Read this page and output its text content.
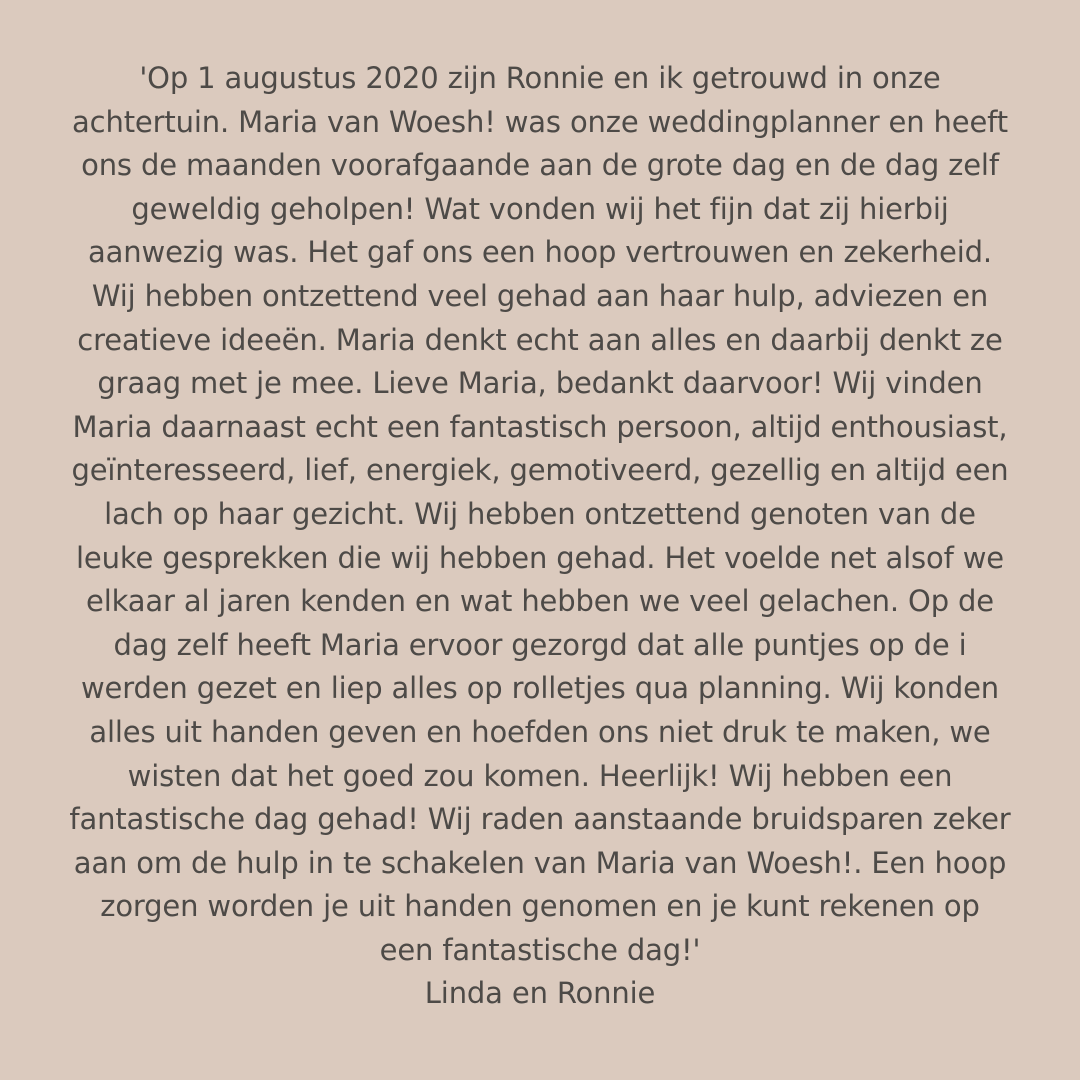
'Op 1 augustus 2020 zijn Ronnie en ik getrouwd in onze
achtertuin. Maria van Woesh! was onze weddingplanner en heeft
ons de maanden voorafgaande aan de grote dag en de dag zelf
geweldig geholpen! Wat vonden wij het fijn dat zij hierbij
aanwezig was. Het gaf ons een hoop vertrouwen en zekerheid.
Wij hebben ontzettend veel gehad aan haar hulp, adviezen en
creatieve ideeën. Maria denkt echt aan alles en daarbij denkt ze
graag met je mee. Lieve Maria, bedankt daarvoor! Wij vinden
Maria daarnaast echt een fantastisch persoon, altijd enthousiast,
geïnteresseerd, lief, energiek, gemotiveerd, gezellig en altijd een
lach op haar gezicht. Wij hebben ontzettend genoten van de
leuke gesprekken die wij hebben gehad. Het voelde net alsof we
elkaar al jaren kenden en wat hebben we veel gelachen. Op de
dag zelf heeft Maria ervoor gezorgd dat alle puntjes op de i
werden gezet en liep alles op rolletjes qua planning. Wij konden
alles uit handen geven en hoefden ons niet druk te maken, we
wisten dat het goed zou komen. Heerlijk! Wij hebben een
fantastische dag gehad! Wij raden aanstaande bruidsparen zeker
aan om de hulp in te schakelen van Maria van Woesh!. Een hoop
zorgen worden je uit handen genomen en je kunt rekenen op
een fantastische dag!'
Linda en Ronnie
